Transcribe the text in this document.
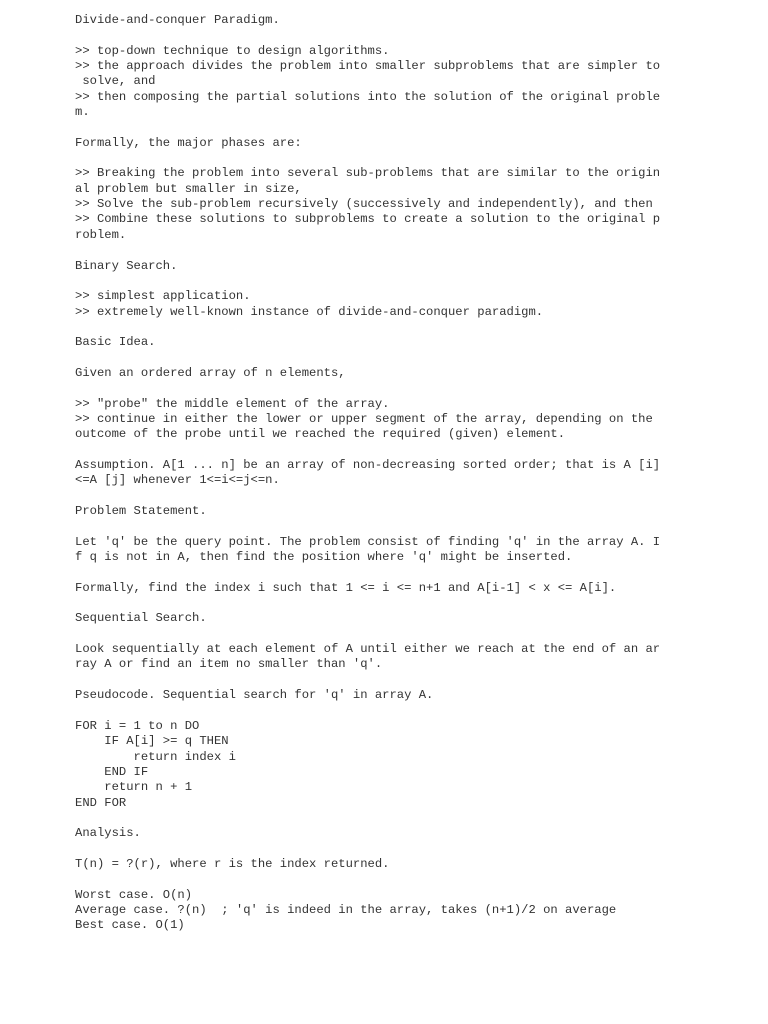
Divide-and-conquer Paradigm.
>> top-down technique to design algorithms.
>> the approach divides the problem into smaller subproblems that are simpler to
solve, and
>> then composing the partial solutions into the solution of the original proble
m.
Formally, the major phases are:
>> Breaking the problem into several sub-problems that are similar to the origin
al problem but smaller in size,
>> Solve the sub-problem recursively (successively and independently), and then
>> Combine these solutions to subproblems to create a solution to the original p
roblem.
Binary Search.
>> simplest application.
>> extremely well-known instance of divide-and-conquer paradigm.
Basic Idea.
Given an ordered array of n elements,
>> "probe" the middle element of the array.
>> continue in either the lower or upper segment of the array, depending on the
outcome of the probe until we reached the required (given) element.
Assumption. A[1 ... n] be an array of non-decreasing sorted order; that is A [i]
<=A [j] whenever 1<=i<=j<=n.
Problem Statement.
Let 'q' be the query point. The problem consist of finding 'q' in the array A. I
f q is not in A, then find the position where 'q' might be inserted.
Formally, find the index i such that 1 <= i <= n+1 and A[i-1] < x <= A[i].
Sequential Search.
Look sequentially at each element of A until either we reach at the end of an ar
ray A or find an item no smaller than 'q'.
Pseudocode. Sequential search for 'q' in array A.
FOR i = 1 to n DO
IF A[i] >= q THEN
return index i
END IF
return n + 1
END FOR
Analysis.
T(n) = ?(r), where r is the index returned.
Worst case. O(n)
Average case. ?(n)  ; 'q' is indeed in the array, takes (n+1)/2 on average
Best case. O(1)
